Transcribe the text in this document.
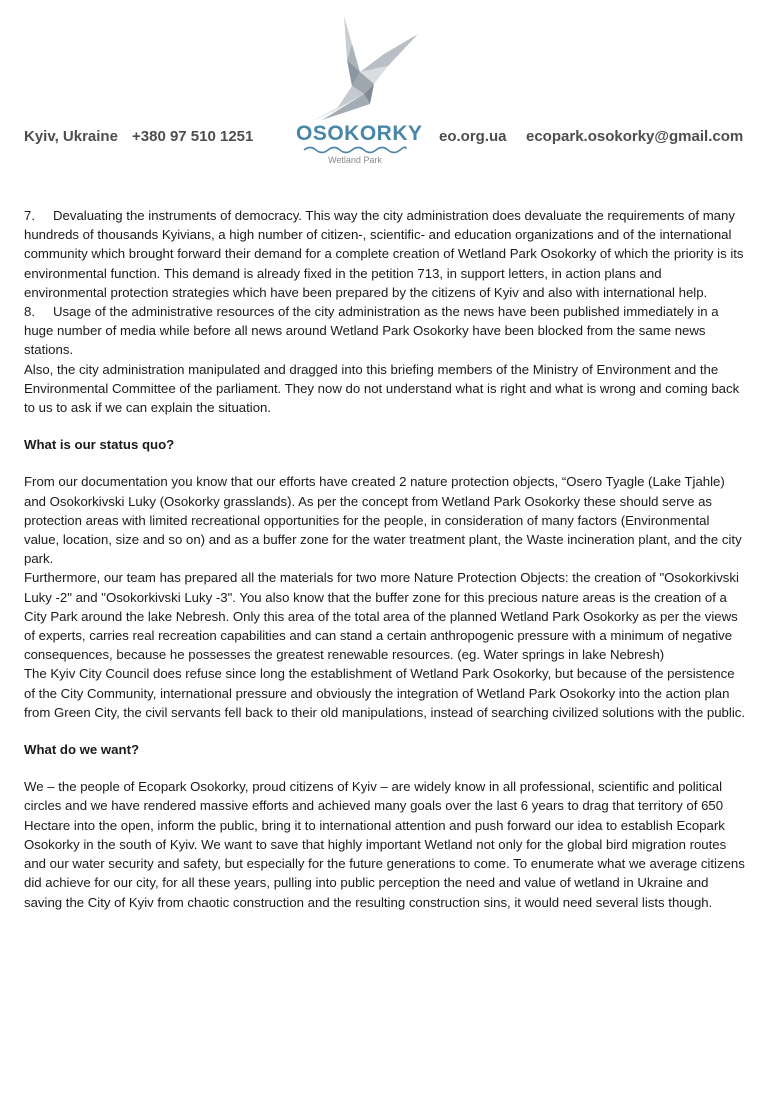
Kyiv, Ukraine +380 97 510 1251 OSOKORKY
Wetland Park
eo.org.ua ecopark.osokorky@gmail.com

7. Devaluating the instruments of democracy. This way the city administration does devaluate the requirements of many hundreds of thousands Kyivians, a high number of citizen-, scientific- and education organizations and of the international community which brought forward their demand for a complete creation of Wetland Park Osokorky of which the priority is its environmental function. This demand is already fixed in the petition 713, in support letters, in action plans and environmental protection strategies which have been prepared by the citizens of Kyiv and also with international help.

8. Usage of the administrative resources of the city administration as the news have been published immediately in a huge number of media while before all news around Wetland Park Osokorky have been blocked from the same news stations.

Also, the city administration manipulated and dragged into this briefing members of the Ministry of Environment and the Environmental Committee of the parliament. They now do not understand what is right and what is wrong and coming back to us to ask if we can explain the situation.

What is our status quo?

From our documentation you know that our efforts have created 2 nature protection objects, “Osero Tyagle (Lake Tjahle) and Osokorkivski Luky (Osokorky grasslands). As per the concept from Wetland Park Osokorky these should serve as protection areas with limited recreational opportunities for the people, in consideration of many factors (Environmental value, location, size and so on) and as a buffer zone for the water treatment plant, the Waste incineration plant, and the city park.

Furthermore, our team has prepared all the materials for two more Nature Protection Objects: the creation of "Osokorkivski Luky -2" and "Osokorkivski Luky -3". You also know that the buffer zone for this precious nature areas is the creation of a City Park around the lake Nebresh. Only this area of the total area of the planned Wetland Park Osokorky as per the views of experts, carries real recreation capabilities and can stand a certain anthropogenic pressure with a minimum of negative consequences, because he possesses the greatest renewable resources. (eg. Water springs in lake Nebresh)

The Kyiv City Council does refuse since long the establishment of Wetland Park Osokorky, but because of the persistence of the City Community, international pressure and obviously the integration of Wetland Park Osokorky into the action plan from Green City, the civil servants fell back to their old manipulations, instead of searching civilized solutions with the public.

What do we want?

We – the people of Ecopark Osokorky, proud citizens of Kyiv – are widely know in all professional, scientific and political circles and we have rendered massive efforts and achieved many goals over the last 6 years to drag that territory of 650 Hectare into the open, inform the public, bring it to international attention and push forward our idea to establish Ecopark Osokorky in the south of Kyiv. We want to save that highly important Wetland not only for the global bird migration routes and our water security and safety, but especially for the future generations to come. To enumerate what we average citizens did achieve for our city, for all these years, pulling into public perception the need and value of wetland in Ukraine and saving the City of Kyiv from chaotic construction and the resulting construction sins, it would need several lists though.
